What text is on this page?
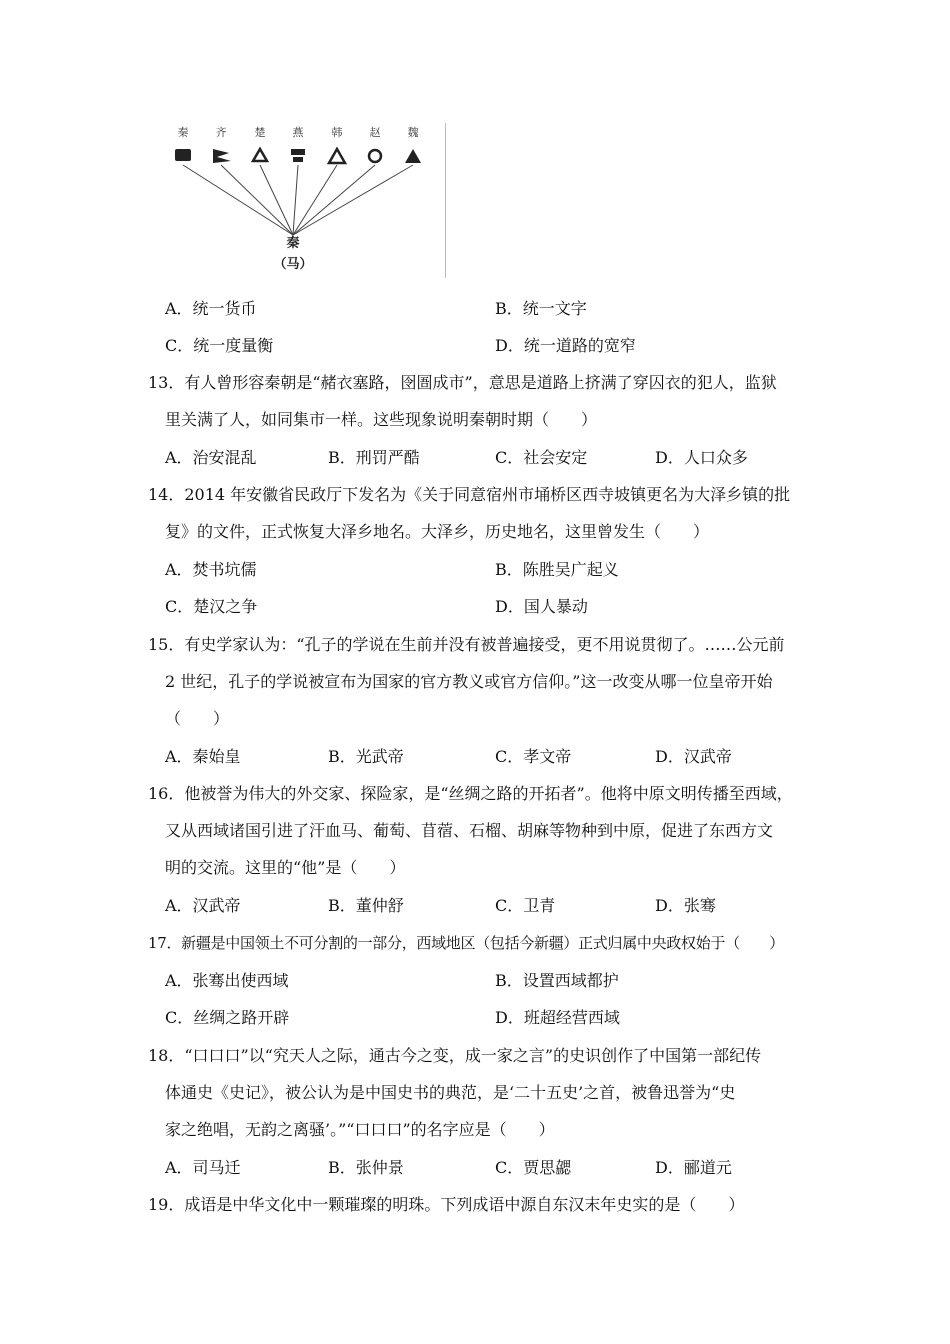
秦 齐	楚 燕	韩 赵 魏
秦
（马）
A．统一货币	B．统一文字
C．统一度量衡	D．统一道路的宽窄
13．有人曾形容秦朝是“赭衣塞路，囹圄成市”，意思是道路上挤满了穿囚衣的犯人，监狱
里关满了人，如同集市一样。这些现象说明秦朝时期（　　）
A．治安混乱	B．刑罚严酷	C．社会安定	D．人口众多
14．2014 年安徽省民政厅下发名为《关于同意宿州市埇桥区西寺坡镇更名为大泽乡镇的批
复》的文件，正式恢复大泽乡地名。大泽乡，历史地名，这里曾发生（　　）
A．焚书坑儒	B．陈胜吴广起义
C．楚汉之争	D．国人暴动
15．有史学家认为：“孔子的学说在生前并没有被普遍接受，更不用说贯彻了。……公元前
2 世纪，孔子的学说被宣布为国家的官方教义或官方信仰。”这一改变从哪一位皇帝开始
（　　）
A．秦始皇	B．光武帝	C．孝文帝	D．汉武帝
16．他被誉为伟大的外交家、探险家，是“丝绸之路的开拓者”。他将中原文明传播至西域，
又从西域诸国引进了汗血马、葡萄、苜蓿、石榴、胡麻等物种到中原，促进了东西方文
明的交流。这里的“他”是（　　）
A．汉武帝	B．董仲舒	C．卫青	D．张骞
17．新疆是中国领土不可分割的一部分，西域地区（包括今新疆）正式归属中央政权始于（　　）
A．张骞出使西域	B．设置西域都护
C．丝绸之路开辟	D．班超经营西域
18．“口口口”以“究天人之际，通古今之变，成一家之言”的史识创作了中国第一部纪传
体通史《史记》，被公认为是中国史书的典范，是‘二十五史’之首，被鲁迅誉为“史
家之绝唱，无韵之离骚’。”“口口口”的名字应是（　　）
A．司马迁	B．张仲景	C．贾思勰	D．郦道元
19．成语是中华文化中一颗璀璨的明珠。下列成语中源自东汉末年史实的是（　　）
